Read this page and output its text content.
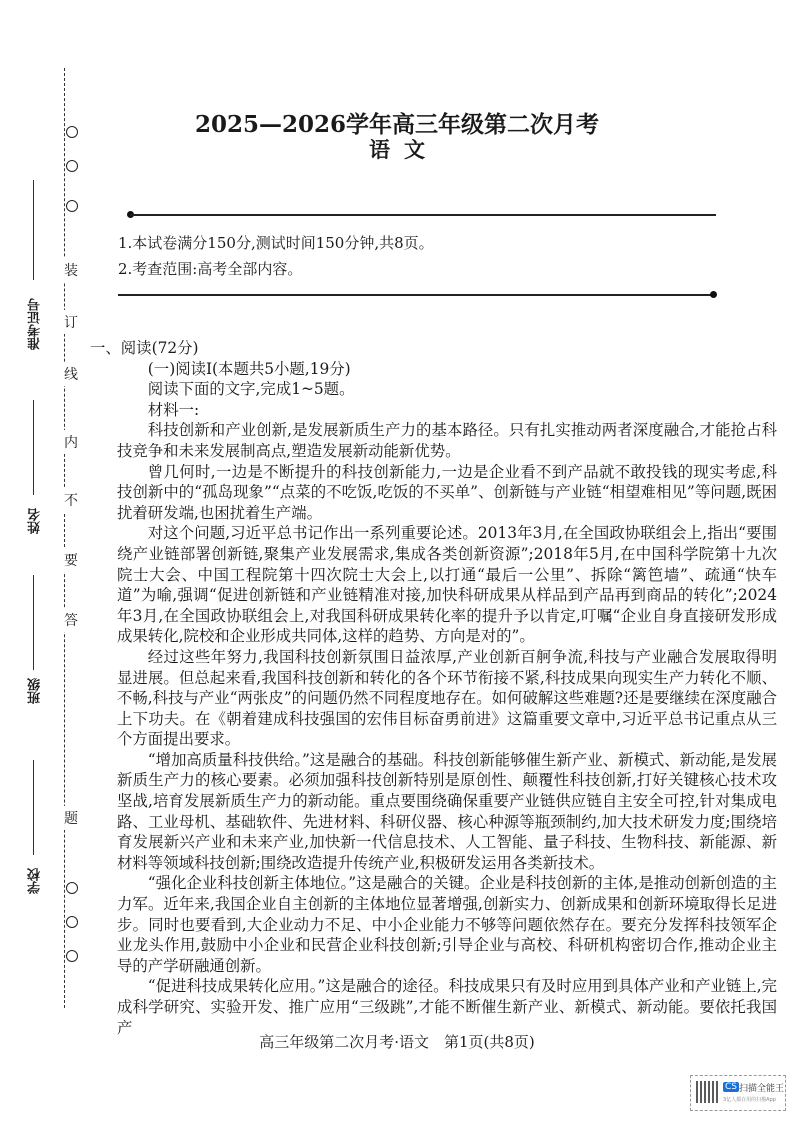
装
订
线
内
不
要
答
题
准考证号
姓名
班级
学校
2025—2026学年高三年级第二次月考
语文
1.本试卷满分150分,测试时间150分钟,共8页。
2.考查范围:高考全部内容。

一、阅读(72分)

(一)阅读Ⅰ(本题共5小题,19分)

阅读下面的文字,完成1~5题。

材料一:

科技创新和产业创新,是发展新质生产力的基本路径。只有扎实推动两者深度融合,才能抢占科技竞争和未来发展制高点,塑造发展新动能新优势。

曾几何时,一边是不断提升的科技创新能力,一边是企业看不到产品就不敢投钱的现实考虑,科技创新中的“孤岛现象”“点菜的不吃饭,吃饭的不买单”、创新链与产业链“相望难相见”等问题,既困扰着研发端,也困扰着生产端。

对这个问题,习近平总书记作出一系列重要论述。2013年3月,在全国政协联组会上,指出“要围绕产业链部署创新链,聚集产业发展需求,集成各类创新资源”;2018年5月,在中国科学院第十九次院士大会、中国工程院第十四次院士大会上,以打通“最后一公里”、拆除“篱笆墙”、疏通“快车道”为喻,强调“促进创新链和产业链精准对接,加快科研成果从样品到产品再到商品的转化”;2024年3月,在全国政协联组会上,对我国科研成果转化率的提升予以肯定,叮嘱“企业自身直接研发形成成果转化,院校和企业形成共同体,这样的趋势、方向是对的”。

经过这些年努力,我国科技创新氛围日益浓厚,产业创新百舸争流,科技与产业融合发展取得明显进展。但总起来看,我国科技创新和转化的各个环节衔接不紧,科技成果向现实生产力转化不顺、不畅,科技与产业“两张皮”的问题仍然不同程度地存在。如何破解这些难题?还是要继续在深度融合上下功夫。在《朝着建成科技强国的宏伟目标奋勇前进》这篇重要文章中,习近平总书记重点从三个方面提出要求。

“增加高质量科技供给。”这是融合的基础。科技创新能够催生新产业、新模式、新动能,是发展新质生产力的核心要素。必须加强科技创新特别是原创性、颠覆性科技创新,打好关键核心技术攻坚战,培育发展新质生产力的新动能。重点要围绕确保重要产业链供应链自主安全可控,针对集成电路、工业母机、基础软件、先进材料、科研仪器、核心种源等瓶颈制约,加大技术研发力度;围绕培育发展新兴产业和未来产业,加快新一代信息技术、人工智能、量子科技、生物科技、新能源、新材料等领域科技创新;围绕改造提升传统产业,积极研发运用各类新技术。

“强化企业科技创新主体地位。”这是融合的关键。企业是科技创新的主体,是推动创新创造的主力军。近年来,我国企业自主创新的主体地位显著增强,创新实力、创新成果和创新环境取得长足进步。同时也要看到,大企业动力不足、中小企业能力不够等问题依然存在。要充分发挥科技领军企业龙头作用,鼓励中小企业和民营企业科技创新;引导企业与高校、科研机构密切合作,推动企业主导的产学研融通创新。

“促进科技成果转化应用。”这是融合的途径。科技成果只有及时应用到具体产业和产业链上,完成科学研究、实验开发、推广应用“三级跳”,才能不断催生新产业、新模式、新动能。要依托我国产

高三年级第二次月考·语文　第1页(共8页)
CS 扫描全能王
3亿人都在用的扫描App
